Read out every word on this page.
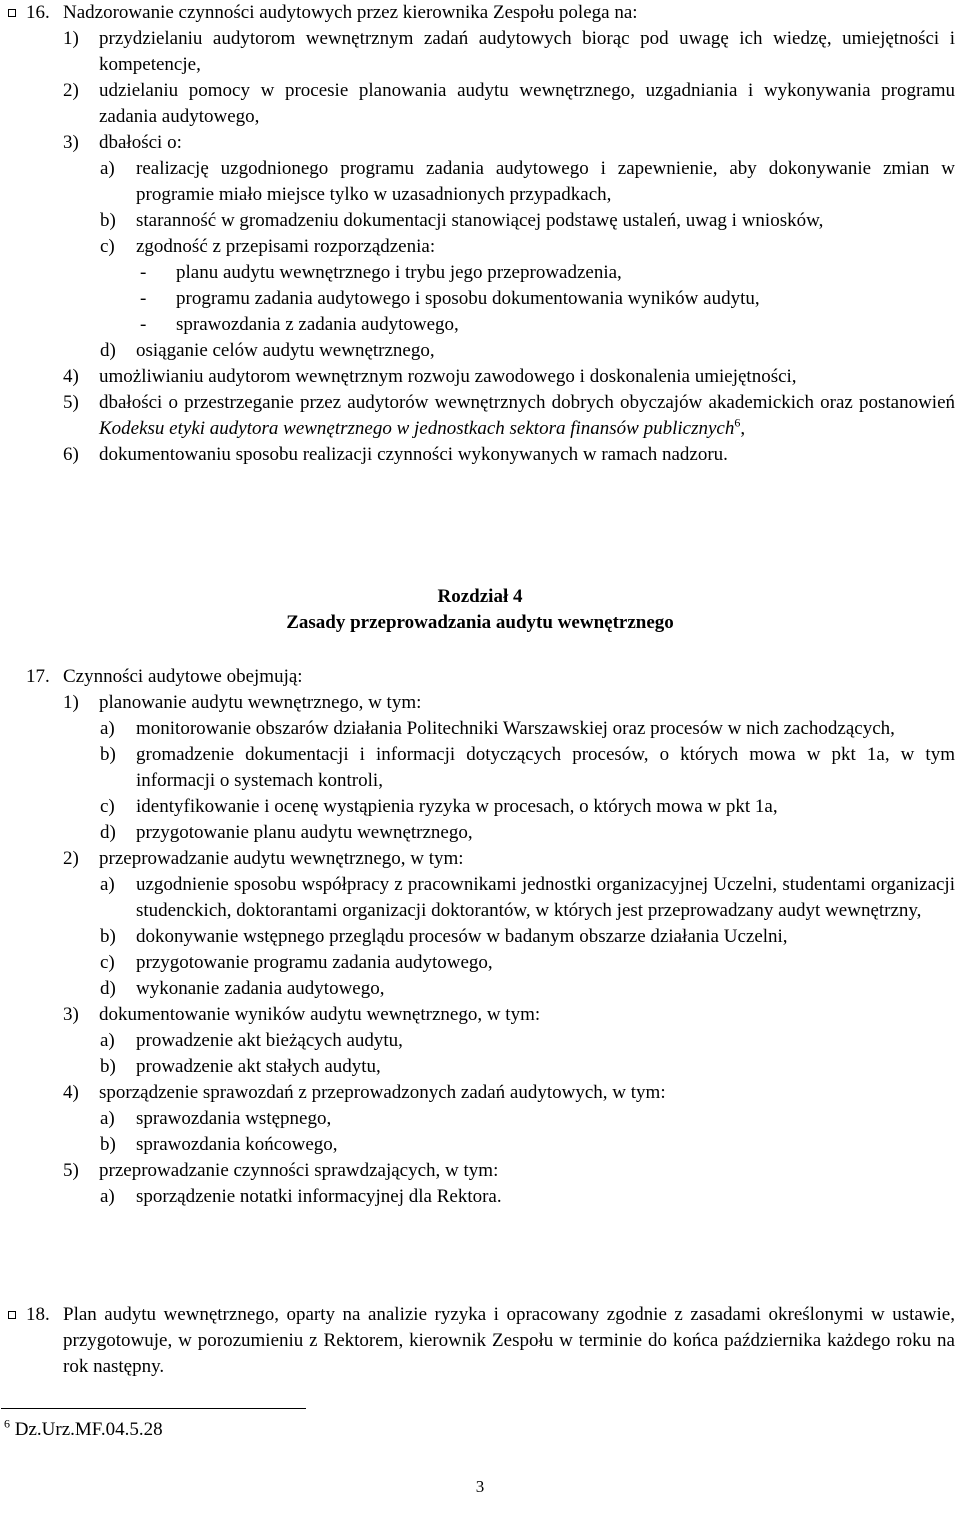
16. Nadzorowanie czynności audytowych przez kierownika Zespołu polega na:
1) przydzielaniu audytorom wewnętrznym zadań audytowych biorąc pod uwagę ich wiedzę, umiejętności i kompetencje,
2) udzielaniu pomocy w procesie planowania audytu wewnętrznego, uzgadniania i wykonywania programu zadania audytowego,
3) dbałości o:
a) realizację uzgodnionego programu zadania audytowego i zapewnienie, aby dokonywanie zmian w programie miało miejsce tylko w uzasadnionych przypadkach,
b) staranność w gromadzeniu dokumentacji stanowiącej podstawę ustaleń, uwag i wniosków,
c) zgodność z przepisami rozporządzenia:
- planu audytu wewnętrznego i trybu jego przeprowadzenia,
- programu zadania audytowego i sposobu dokumentowania wyników audytu,
- sprawozdania z zadania audytowego,
d) osiąganie celów audytu wewnętrznego,
4) umożliwianiu audytorom wewnętrznym rozwoju zawodowego i doskonalenia umiejętności,
5) dbałości o przestrzeganie przez audytorów wewnętrznych dobrych obyczajów akademickich oraz postanowień Kodeksu etyki audytora wewnętrznego w jednostkach sektora finansów publicznych$^6$,
6) dokumentowaniu sposobu realizacji czynności wykonywanych w ramach nadzoru.
Rozdział 4
Zasady przeprowadzania audytu wewnętrznego
17. Czynności audytowe obejmują:
1) planowanie audytu wewnętrznego, w tym:
a) monitorowanie obszarów działania Politechniki Warszawskiej oraz procesów w nich zachodzących,
b) gromadzenie dokumentacji i informacji dotyczących procesów, o których mowa w pkt 1a, w tym informacji o systemach kontroli,
c) identyfikowanie i ocenę wystąpienia ryzyka w procesach, o których mowa w pkt 1a,
d) przygotowanie planu audytu wewnętrznego,
2) przeprowadzanie audytu wewnętrznego, w tym:
a) uzgodnienie sposobu współpracy z pracownikami jednostki organizacyjnej Uczelni, studentami organizacji studenckich, doktorantami organizacji doktorantów, w których jest przeprowadzany audyt wewnętrzny,
b) dokonywanie wstępnego przeglądu procesów w badanym obszarze działania Uczelni,
c) przygotowanie programu zadania audytowego,
d) wykonanie zadania audytowego,
3) dokumentowanie wyników audytu wewnętrznego, w tym:
a) prowadzenie akt bieżących audytu,
b) prowadzenie akt stałych audytu,
4) sporządzenie sprawozdań z przeprowadzonych zadań audytowych, w tym:
a) sprawozdania wstępnego,
b) sprawozdania końcowego,
5) przeprowadzanie czynności sprawdzających, w tym:
a) sporządzenie notatki informacyjnej dla Rektora.
18. Plan audytu wewnętrznego, oparty na analizie ryzyka i opracowany zgodnie z zasadami określonymi w ustawie, przygotowuje, w porozumieniu z Rektorem, kierownik Zespołu w terminie do końca października każdego roku na rok następny.
$^6$ Dz.Urz.MF.04.5.28
3
